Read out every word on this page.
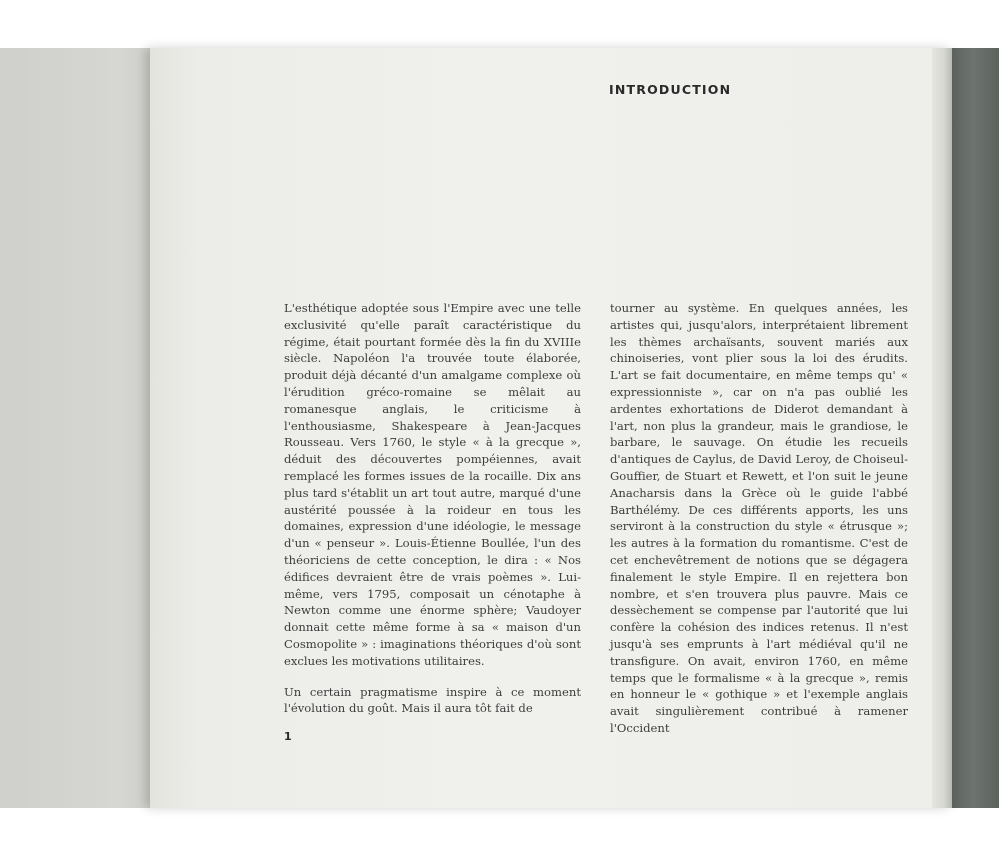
INTRODUCTION

L'esthétique adoptée sous l'Empire avec une telle exclusivité qu'elle paraît caractéristique du régime, était pourtant formée dès la fin du XVIIIe siècle. Napoléon l'a trouvée toute élaborée, produit déjà décanté d'un amalgame complexe où l'érudition gréco-romaine se mêlait au romanesque anglais, le criticisme à l'enthousiasme, Shakespeare à Jean-Jacques Rousseau. Vers 1760, le style « à la grecque », déduit des découvertes pompéiennes, avait remplacé les formes issues de la rocaille. Dix ans plus tard s'établit un art tout autre, marqué d'une austérité poussée à la roideur en tous les domaines, expression d'une idéologie, le message d'un « penseur ». Louis-Étienne Boullée, l'un des théoriciens de cette conception, le dira : « Nos édifices devraient être de vrais poèmes ». Lui-même, vers 1795, composait un cénotaphe à Newton comme une énorme sphère; Vaudoyer donnait cette même forme à sa « maison d'un Cosmopolite » : imaginations théoriques d'où sont exclues les motivations utilitaires.

Un certain pragmatisme inspire à ce moment l'évolution du goût. Mais il aura tôt fait de

tourner au système. En quelques années, les artistes qui, jusqu'alors, interprétaient librement les thèmes archaïsants, souvent mariés aux chinoiseries, vont plier sous la loi des érudits. L'art se fait documentaire, en même temps qu' « expressionniste », car on n'a pas oublié les ardentes exhortations de Diderot demandant à l'art, non plus la grandeur, mais le grandiose, le barbare, le sauvage. On étudie les recueils d'antiques de Caylus, de David Leroy, de Choiseul-Gouffier, de Stuart et Rewett, et l'on suit le jeune Anacharsis dans la Grèce où le guide l'abbé Barthélémy. De ces différents apports, les uns serviront à la construction du style « étrusque »; les autres à la formation du romantisme. C'est de cet enchevêtrement de notions que se dégagera finalement le style Empire. Il en rejettera bon nombre, et s'en trouvera plus pauvre. Mais ce dessèchement se compense par l'autorité que lui confère la cohésion des indices retenus. Il n'est jusqu'à ses emprunts à l'art médiéval qu'il ne transfigure. On avait, environ 1760, en même temps que le formalisme « à la grecque », remis en honneur le « gothique » et l'exemple anglais avait singulièrement contribué à ramener l'Occident

1
